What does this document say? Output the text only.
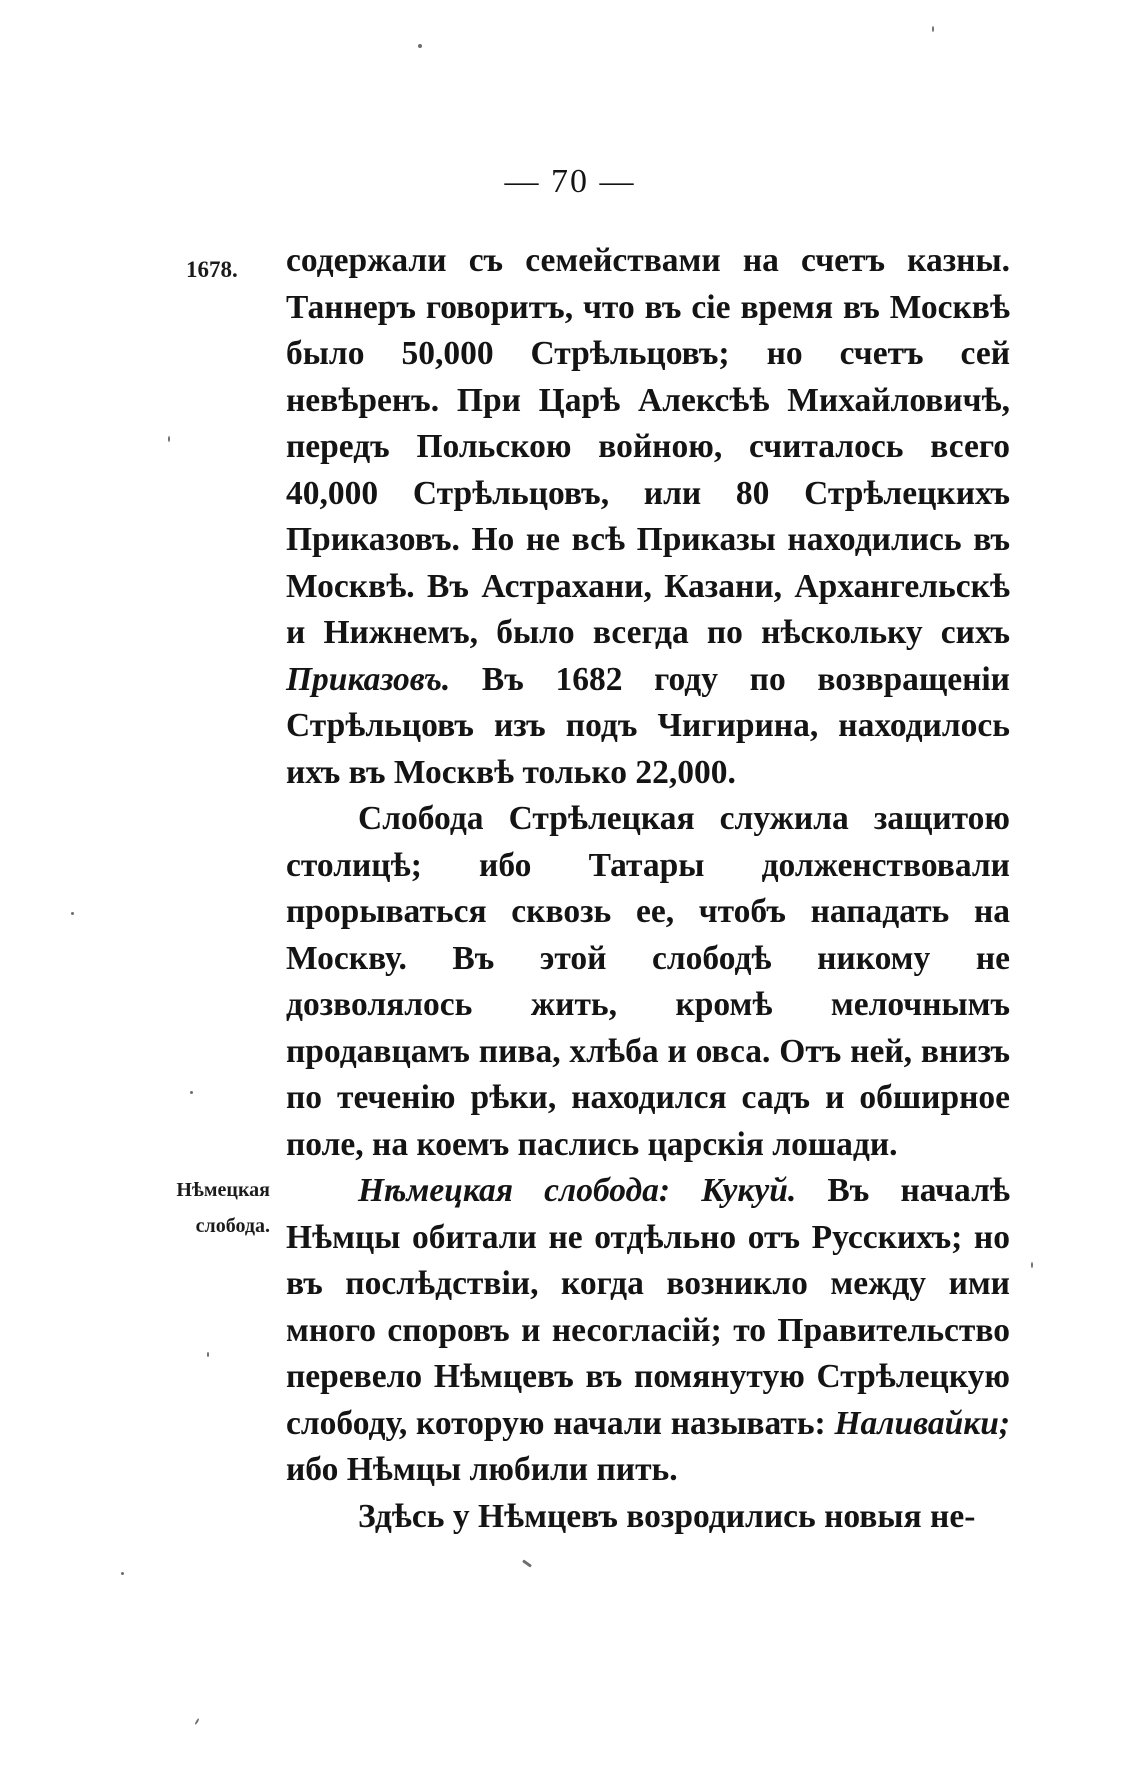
— 70 —
1678.
Нѣмецкая
слобода.

содержали съ семействами на счетъ казны. Таннеръ говоритъ, что въ сіе время въ Москвѣ было 50,000 Стрѣльцовъ; но счетъ сей невѣренъ. При Царѣ Алексѣѣ Михайловичѣ, передъ Польскою войною, считалось всего 40,000 Стрѣльцовъ, или 80 Стрѣлецкихъ Приказовъ. Но не всѣ Приказы находились въ Москвѣ. Въ Астрахани, Казани, Архангельскѣ и Нижнемъ, было всегда по нѣскольку сихъ Приказовъ. Въ 1682 году по возвращеніи Стрѣльцовъ изъ подъ Чигирина, находилось ихъ въ Москвѣ только 22,000.

Слобода Стрѣлецкая служила защитою столицѣ; ибо Татары долженствовали прорываться сквозь ее, чтобъ нападать на Москву. Въ этой слободѣ никому не дозволялось жить, кромѣ мелочнымъ продавцамъ пива, хлѣба и овса. Отъ ней, внизъ по теченію рѣки, находился садъ и обширное поле, на коемъ паслись царскія лошади.

Нѣмецкая слобода: Кукуй. Въ началѣ Нѣмцы обитали не отдѣльно отъ Русскихъ; но въ послѣдствіи, когда возникло между ими много споровъ и несогласій; то Правительство перевело Нѣмцевъ въ помянутую Стрѣлецкую слободу, которую начали называть: Наливайки; ибо Нѣмцы любили пить.

Здѣсь у Нѣмцевъ возродились новыя не-
